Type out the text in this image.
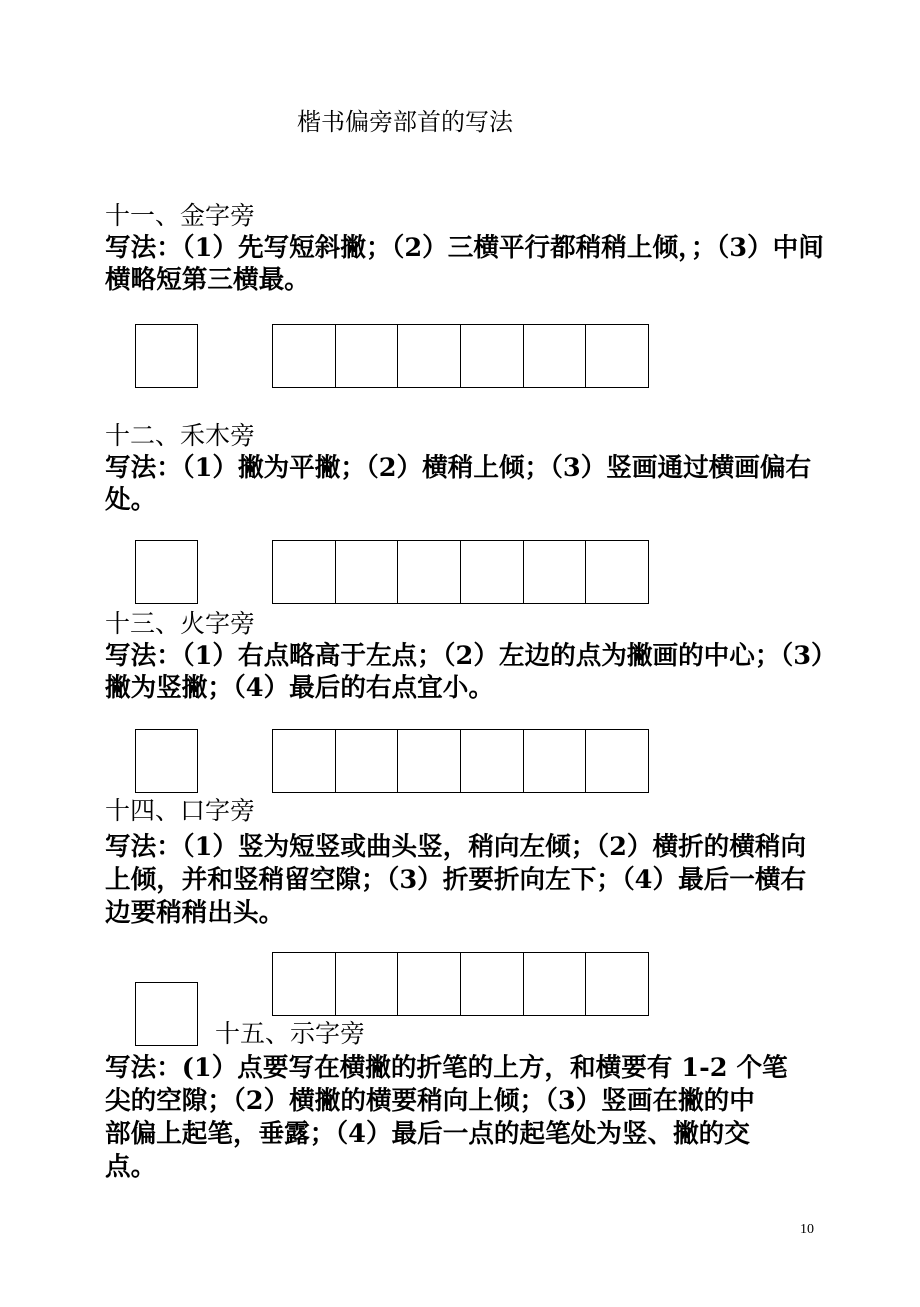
楷书偏旁部首的写法
十一、金字旁
写法：（1）先写短斜撇；（2）三横平行都稍稍上倾，；（3）中间
横略短第三横最。
十二、禾木旁
写法：（1）撇为平撇；（2）横稍上倾；（3）竖画通过横画偏右
处。
十三、火字旁
写法：（1）右点略高于左点；（2）左边的点为撇画的中心；（3）
撇为竖撇；（4）最后的右点宜小。
十四、口字旁
写法：（1）竖为短竖或曲头竖，稍向左倾；（2）横折的横稍向
上倾，并和竖稍留空隙；（3）折要折向左下；（4）最后一横右
边要稍稍出头。
十五、示字旁
写法：(1）点要写在横撇的折笔的上方，和横要有 1-2 个笔
尖的空隙；（2）横撇的横要稍向上倾；（3）竖画在撇的中
部偏上起笔，垂露；（4）最后一点的起笔处为竖、撇的交
点。
10
